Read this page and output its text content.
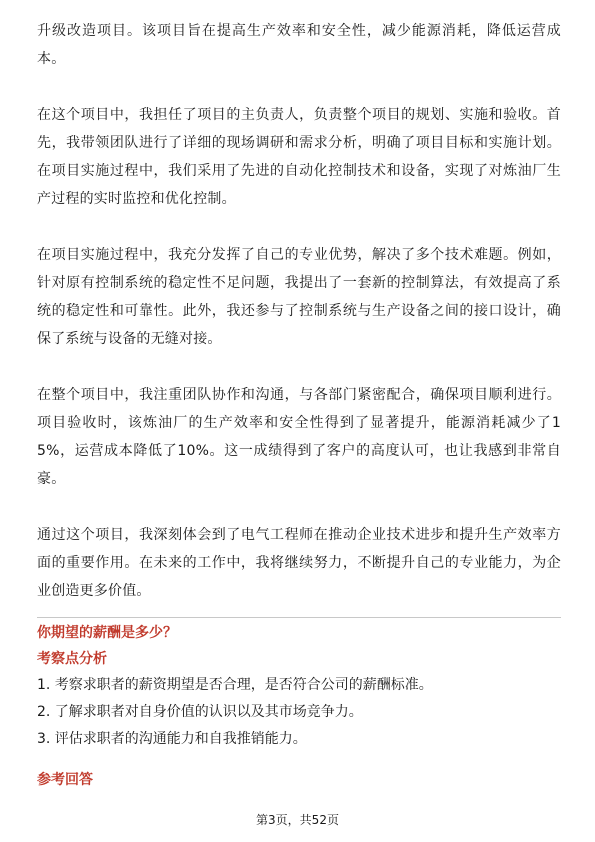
升级改造项目。该项目旨在提高生产效率和安全性，减少能源消耗，降低运营成本。

在这个项目中，我担任了项目的主负责人，负责整个项目的规划、实施和验收。首先，我带领团队进行了详细的现场调研和需求分析，明确了项目目标和实施计划。在项目实施过程中，我们采用了先进的自动化控制技术和设备，实现了对炼油厂生产过程的实时监控和优化控制。

在项目实施过程中，我充分发挥了自己的专业优势，解决了多个技术难题。例如，针对原有控制系统的稳定性不足问题，我提出了一套新的控制算法，有效提高了系统的稳定性和可靠性。此外，我还参与了控制系统与生产设备之间的接口设计，确保了系统与设备的无缝对接。

在整个项目中，我注重团队协作和沟通，与各部门紧密配合，确保项目顺利进行。项目验收时，该炼油厂的生产效率和安全性得到了显著提升，能源消耗减少了15%，运营成本降低了10%。这一成绩得到了客户的高度认可，也让我感到非常自豪。

通过这个项目，我深刻体会到了电气工程师在推动企业技术进步和提升生产效率方面的重要作用。在未来的工作中，我将继续努力，不断提升自己的专业能力，为企业创造更多价值。

你期望的薪酬是多少？
考察点分析
1. 考察求职者的薪资期望是否合理，是否符合公司的薪酬标准。
2. 了解求职者对自身价值的认识以及其市场竞争力。
3. 评估求职者的沟通能力和自我推销能力。
参考回答
第3页，共52页
